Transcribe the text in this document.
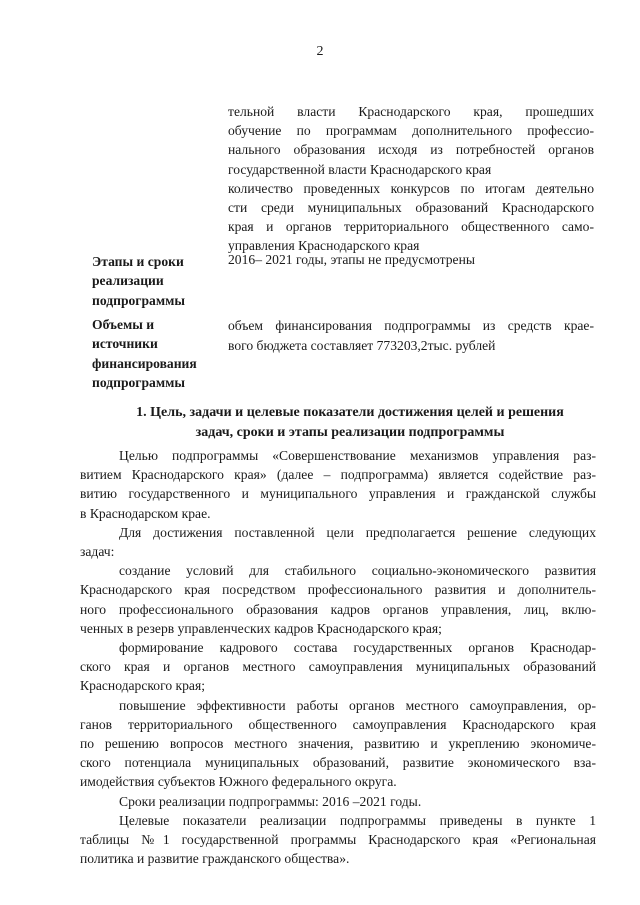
2
тельной власти Краснодарского края, прошедших
обучение по программам дополнительного профессио-
нального образования исходя из потребностей органов
государственной власти Краснодарского края
количество проведенных конкурсов по итогам деятельно
сти среди муниципальных образований Краснодарского
края и органов территориального общественного само-
управления Краснодарского края
Этапы и сроки реализации подпрограммы
2016– 2021 годы, этапы не предусмотрены
Объемы и источники финансирования подпрограммы
объем финансирования подпрограммы из средств крае-
вого бюджета составляет 773203,2тыс. рублей
1. Цель, задачи и целевые показатели достижения целей и решения
задач, сроки и этапы реализации подпрограммы
Целью подпрограммы «Совершенствование механизмов управления раз-
витием Краснодарского края» (далее – подпрограмма) является содействие раз-
витию государственного и муниципального управления и гражданской службы
в Краснодарском крае.
Для достижения поставленной цели предполагается решение следующих
задач:
создание условий для стабильного социально-экономического развития
Краснодарского края посредством профессионального развития и дополнитель-
ного профессионального образования кадров органов управления, лиц, вклю-
ченных в резерв управленческих кадров Краснодарского края;
формирование кадрового состава государственных органов Краснодар-
ского края и органов местного самоуправления муниципальных образований
Краснодарского края;
повышение эффективности работы органов местного самоуправления, ор-
ганов территориального общественного самоуправления Краснодарского края
по решению вопросов местного значения, развитию и укреплению экономиче-
ского потенциала муниципальных образований, развитие экономического вза-
имодействия субъектов Южного федерального округа.
Сроки реализации подпрограммы: 2016 –2021 годы.
Целевые показатели реализации подпрограммы приведены в пункте 1
таблицы №1 государственной программы Краснодарского края «Региональная
политика и развитие гражданского общества».
